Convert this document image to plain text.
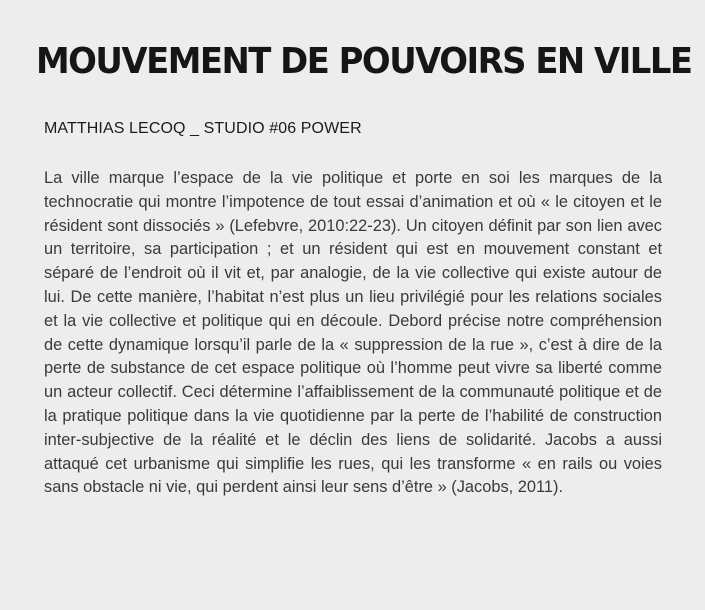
MOUVEMENT DE POUVOIRS EN VILLE

MATTHIAS LECOQ _ STUDIO #06 POWER

La ville marque l’espace de la vie politique et porte en soi les marques de la technocratie qui montre l’impotence de tout essai d’animation et où « le citoyen et le résident sont dissociés » (Lefebvre, 2010:22-23). Un citoyen définit par son lien avec un territoire, sa participation ; et un résident qui est en mouvement constant et séparé de l’endroit où il vit et, par analogie, de la vie collective qui existe autour de lui. De cette manière, l’habitat n’est plus un lieu privilégié pour les relations sociales et la vie collective et politique qui en découle. Debord précise notre compréhension de cette dynamique lorsqu’il parle de la « suppression de la rue », c’est à dire de la perte de substance de cet espace politique où l’homme peut vivre sa liberté comme un acteur collectif. Ceci détermine l’affaiblissement de la communauté politique et de la pratique politique dans la vie quotidienne par la perte de l’habilité de construction inter-subjective de la réalité et le déclin des liens de solidarité. Jacobs a aussi attaqué cet urbanisme qui simplifie les rues, qui les transforme « en rails ou voies sans obstacle ni vie, qui perdent ainsi leur sens d’être » (Jacobs, 2011).
